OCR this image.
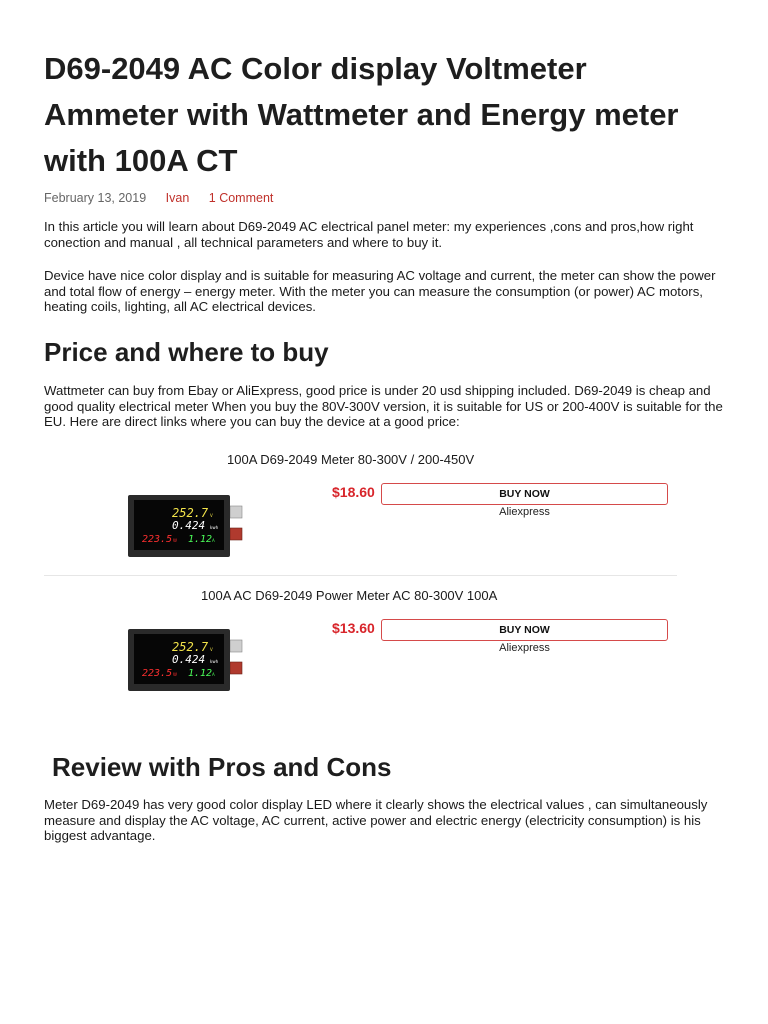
D69-2049 AC Color display Voltmeter Ammeter with Wattmeter and Energy meter with 100A CT
February 13, 2019 Ivan 1 Comment

In this article you will learn about D69-2049 AC electrical panel meter: my experiences ,cons and pros,how right conection and manual , all technical parameters and where to buy it.

Device have nice color display and is suitable for measuring AC voltage and current, the meter can show the power and total flow of energy – energy meter. With the meter you can measure the consumption (or power) AC motors, heating coils, lighting, all AC electrical devices.

Price and where to buy

Wattmeter can buy from Ebay or AliExpress, good price is under 20 usd shipping included. D69-2049 is cheap and good quality electrical meter When you buy the 80V-300V version, it is suitable for US or 200-400V is suitable for the EU. Here are direct links where you can buy the device at a good price:

100A D69-2049 Meter 80-300V / 200-450V
252.7 V
0.424 kwh
223.5 W 1.12 A
$18.60	BUY NOW
Aliexpress
100A AC D69-2049 Power Meter AC 80-300V 100A
252.7 V
0.424 kwh
223.5 W 1.12 A
$13.60	BUY NOW
Aliexpress
Review with Pros and Cons

Meter D69-2049 has very good color display LED where it clearly shows the electrical values , can simultaneously measure and display the AC voltage, AC current, active power and electric energy (electricity consumption) is his biggest advantage.
